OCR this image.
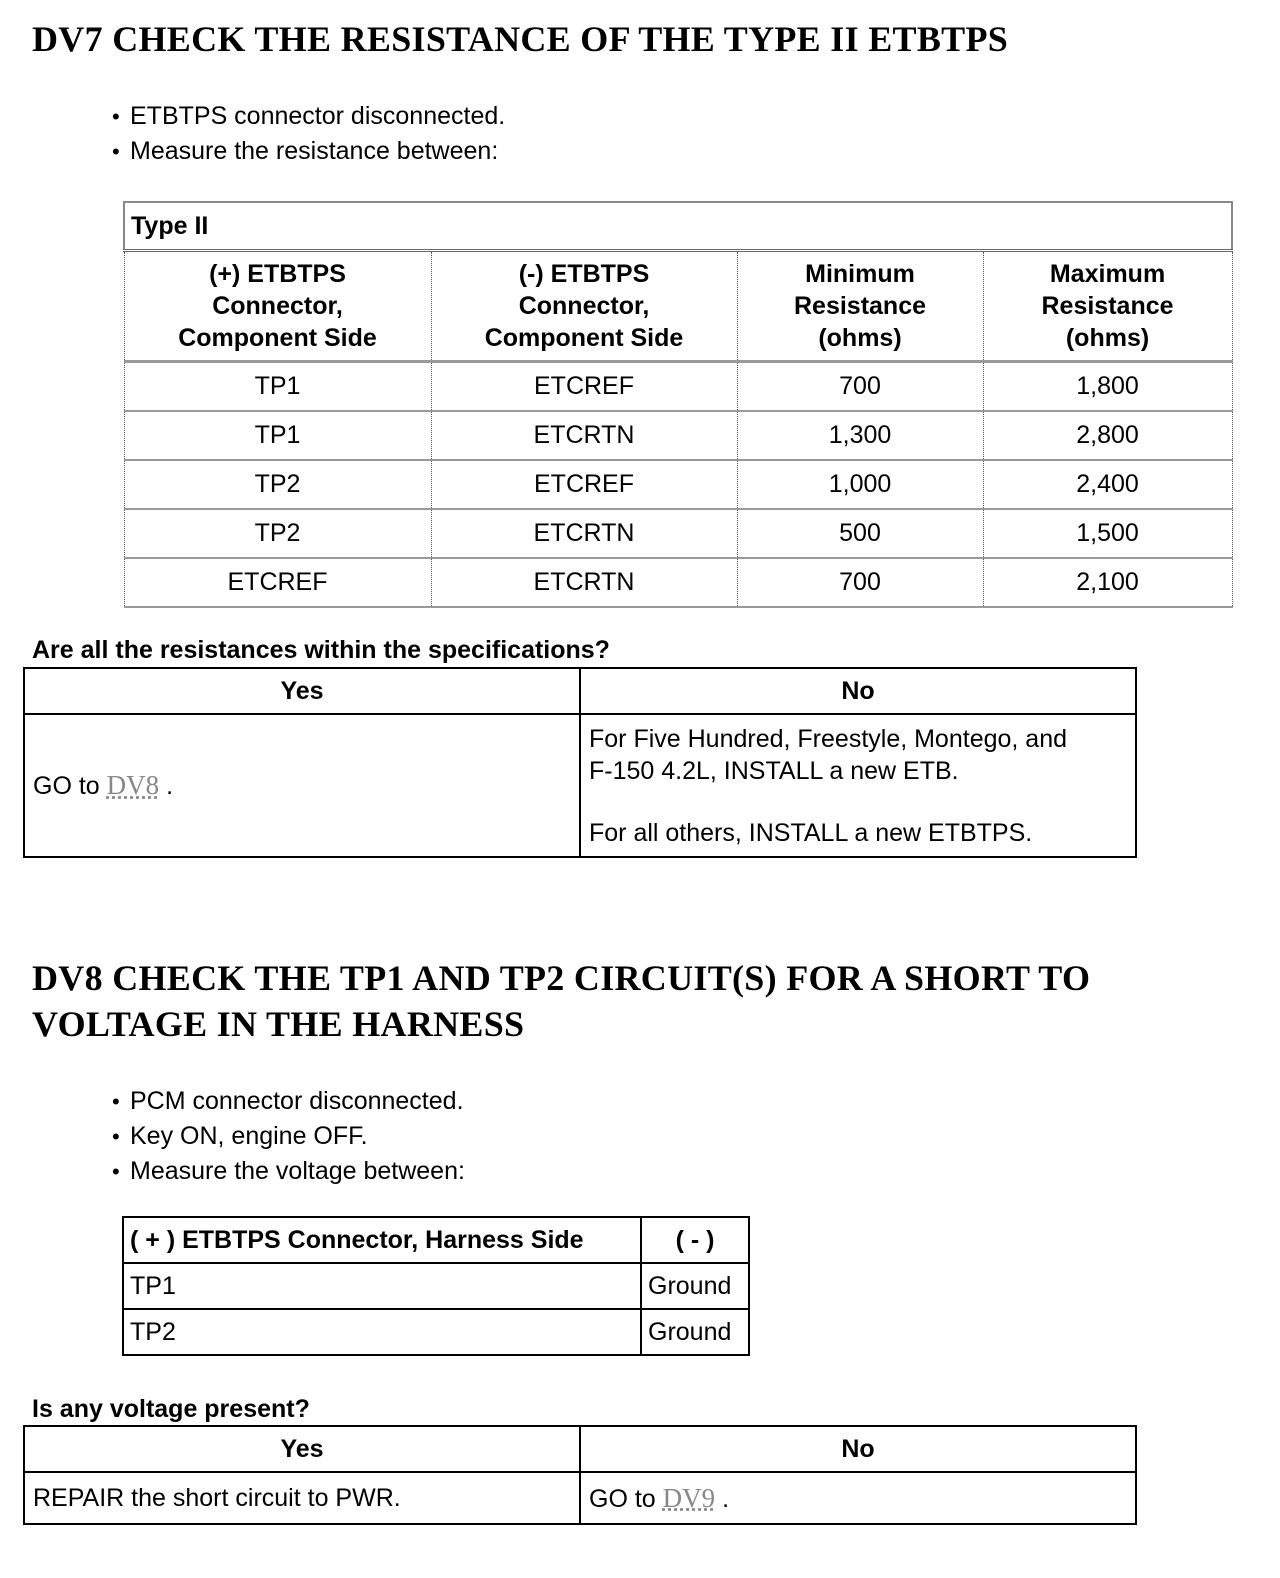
DV7 CHECK THE RESISTANCE OF THE TYPE II ETBTPS
• ETBTPS connector disconnected.
• Measure the resistance between:
Type II			
(+) ETBTPS
Connector,
Component Side	(-) ETBTPS
Connector,
Component Side	Minimum
Resistance
(ohms)	Maximum
Resistance
(ohms)
TP1	ETCREF	700	1,800
TP1	ETCRTN	1,300	2,800
TP2	ETCREF	1,000	2,400
TP2	ETCRTN	500	1,500
ETCREF	ETCRTN	700	2,100

Are all the resistances within the specifications?

Yes	No
GO to DV8 .	For Five Hundred, Freestyle, Montego, and
F-150 4.2L, INSTALL a new ETB.
For all others, INSTALL a new ETBTPS.
DV8 CHECK THE TP1 AND TP2 CIRCUIT(S) FOR A SHORT TO
VOLTAGE IN THE HARNESS
• PCM connector disconnected.
• Key ON, engine OFF.
• Measure the voltage between:
( + ) ETBTPS Connector, Harness Side	( - )
TP1	Ground
TP2	Ground

Is any voltage present?

Yes	No
REPAIR the short circuit to PWR.	GO to DV9 .
